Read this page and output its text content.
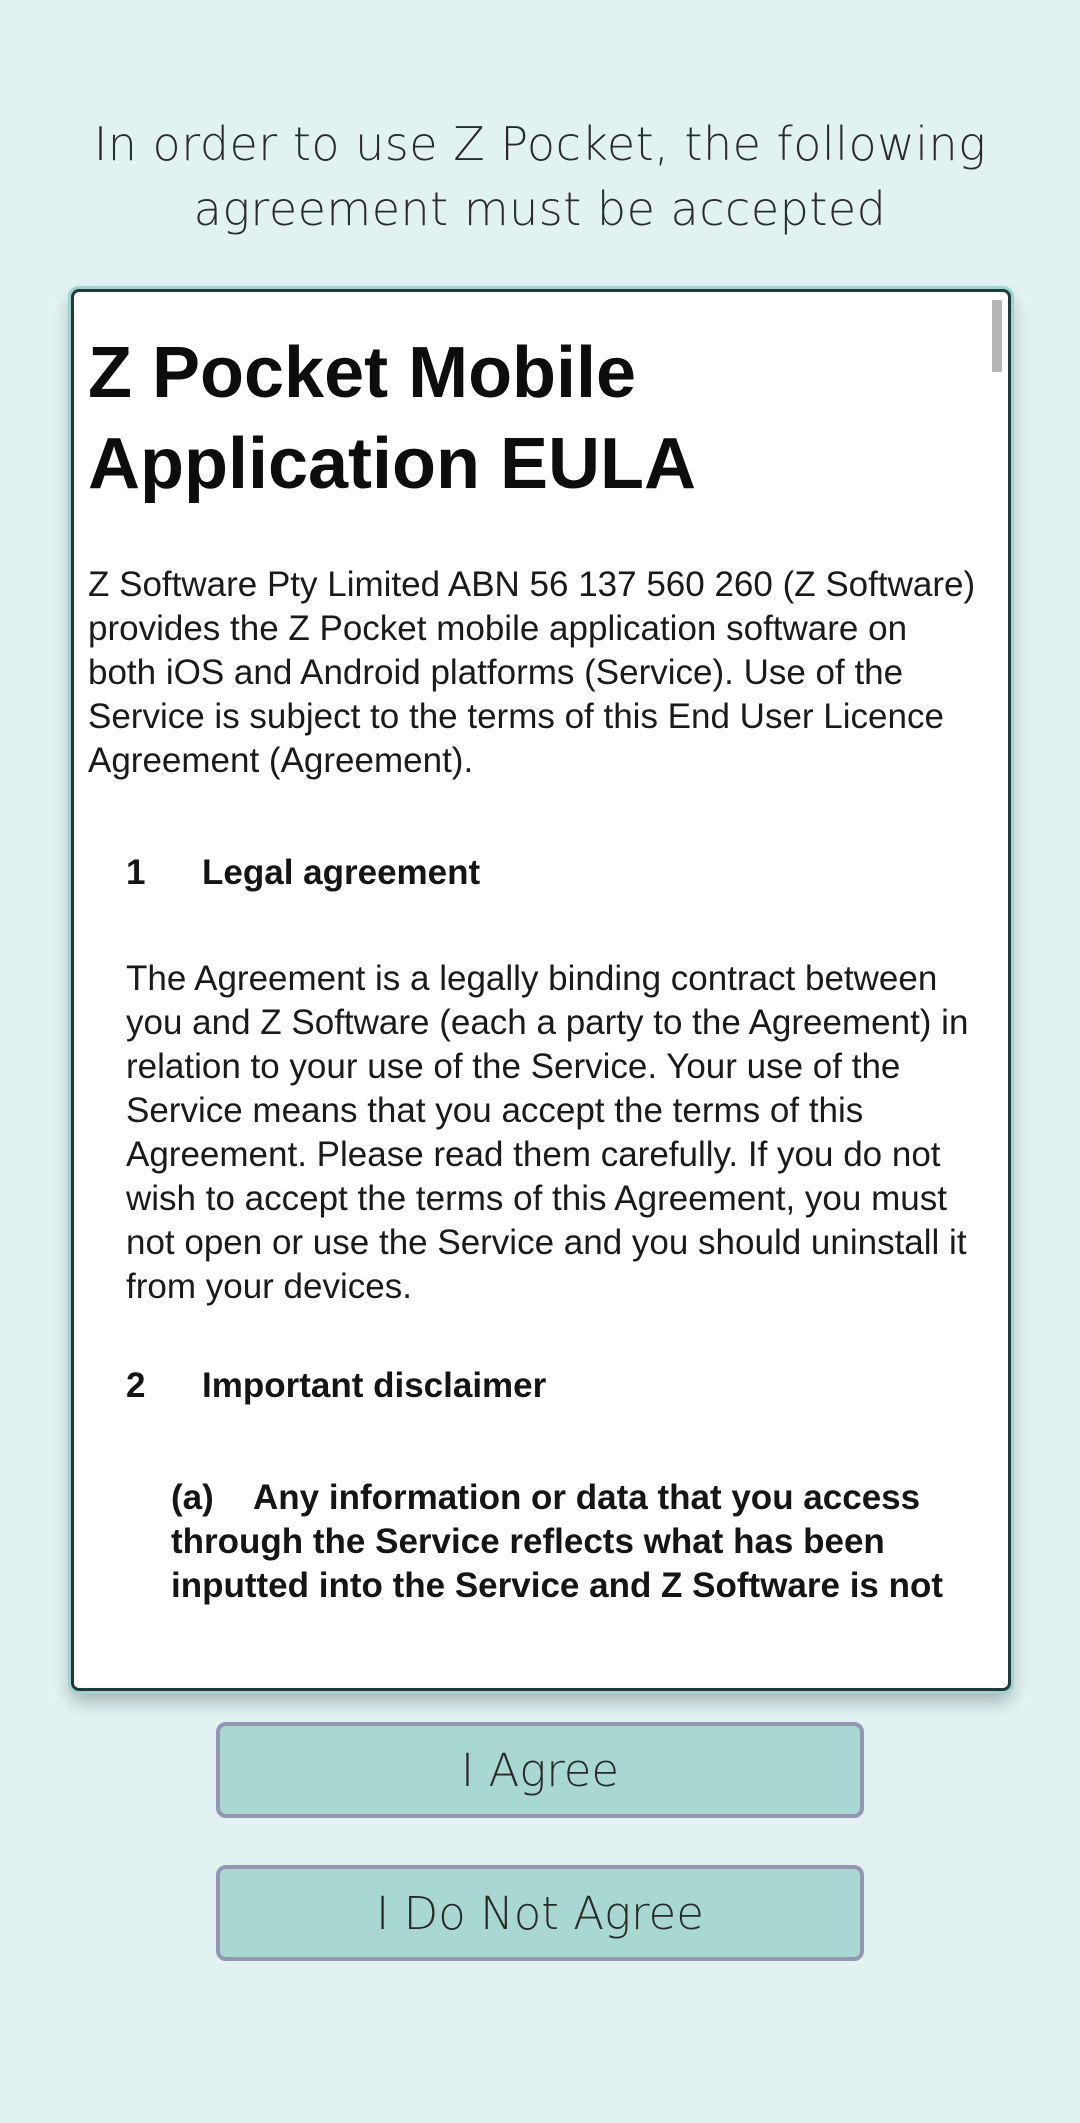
In order to use Z Pocket, the following agreement must be accepted
Z Pocket Mobile Application EULA

Z Software Pty Limited ABN 56 137 560 260 (Z Software) provides the Z Pocket mobile application software on both iOS and Android platforms (Service). Use of the Service is subject to the terms of this End User Licence Agreement (Agreement).

1 Legal agreement

The Agreement is a legally binding contract between you and Z Software (each a party to the Agreement) in relation to your use of the Service. Your use of the Service means that you accept the terms of this Agreement. Please read them carefully. If you do not wish to accept the terms of this Agreement, you must not open or use the Service and you should uninstall it from your devices.

2 Important disclaimer

(a) Any information or data that you access through the Service reflects what has been inputted into the Service and Z Software is not

I Agree
I Do Not Agree
